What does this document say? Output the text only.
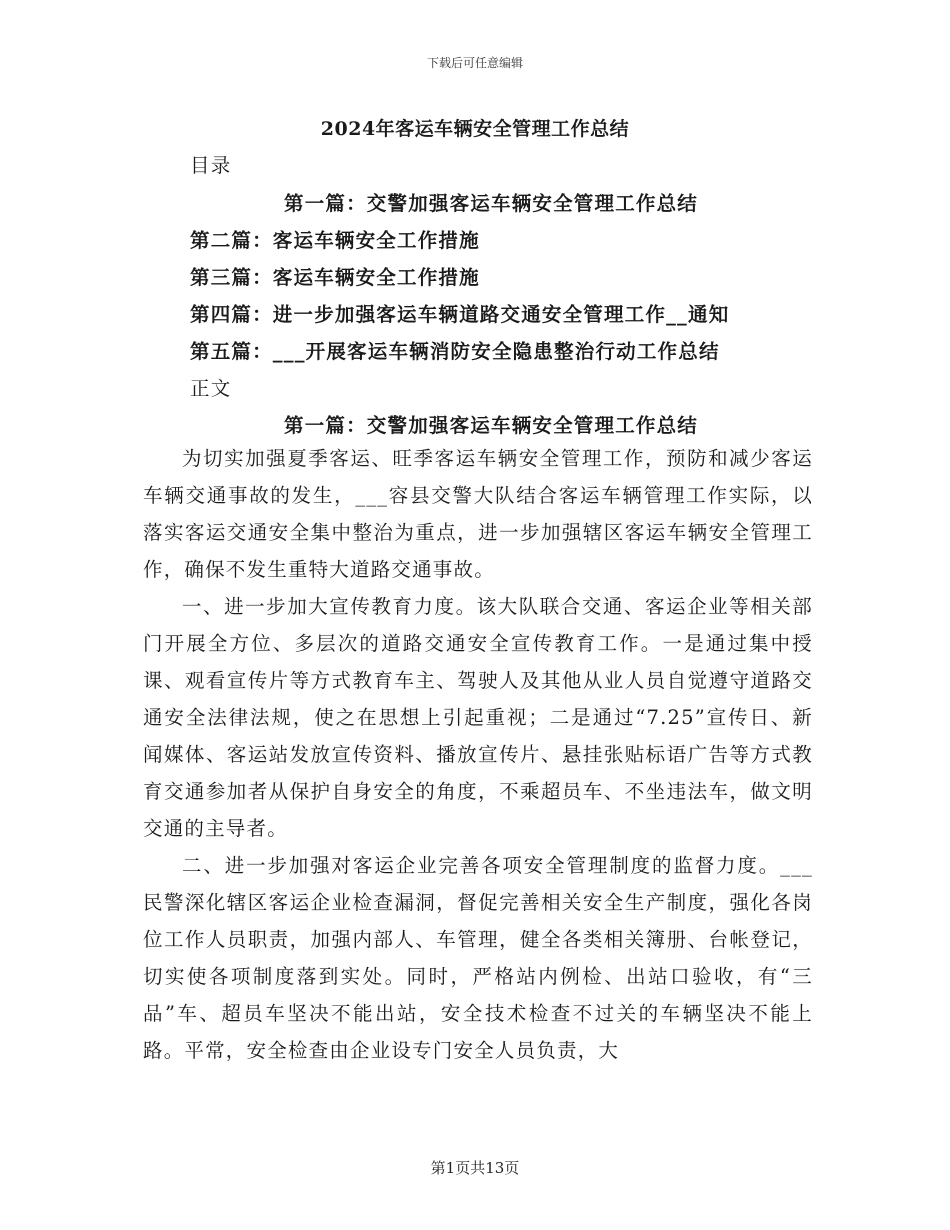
下载后可任意编辑
2024年客运车辆安全管理工作总结
目录
第一篇：交警加强客运车辆安全管理工作总结
第二篇：客运车辆安全工作措施
第三篇：客运车辆安全工作措施
第四篇：进一步加强客运车辆道路交通安全管理工作__通知
第五篇：___开展客运车辆消防安全隐患整治行动工作总结
正文
第一篇：交警加强客运车辆安全管理工作总结

为切实加强夏季客运、旺季客运车辆安全管理工作，预防和减少客运车辆交通事故的发生，___容县交警大队结合客运车辆管理工作实际，以落实客运交通安全集中整治为重点，进一步加强辖区客运车辆安全管理工作，确保不发生重特大道路交通事故。

一、进一步加大宣传教育力度。该大队联合交通、客运企业等相关部门开展全方位、多层次的道路交通安全宣传教育工作。一是通过集中授课、观看宣传片等方式教育车主、驾驶人及其他从业人员自觉遵守道路交通安全法律法规，使之在思想上引起重视；二是通过“7.25”宣传日、新闻媒体、客运站发放宣传资料、播放宣传片、悬挂张贴标语广告等方式教育交通参加者从保护自身安全的角度，不乘超员车、不坐违法车，做文明交通的主导者。

二、进一步加强对客运企业完善各项安全管理制度的监督力度。___民警深化辖区客运企业检查漏洞，督促完善相关安全生产制度，强化各岗位工作人员职责，加强内部人、车管理，健全各类相关簿册、台帐登记，切实使各项制度落到实处。同时，严格站内例检、出站口验收，有“三品”车、超员车坚决不能出站，安全技术检查不过关的车辆坚决不能上路。平常，安全检查由企业设专门安全人员负责，大

第1页共13页
